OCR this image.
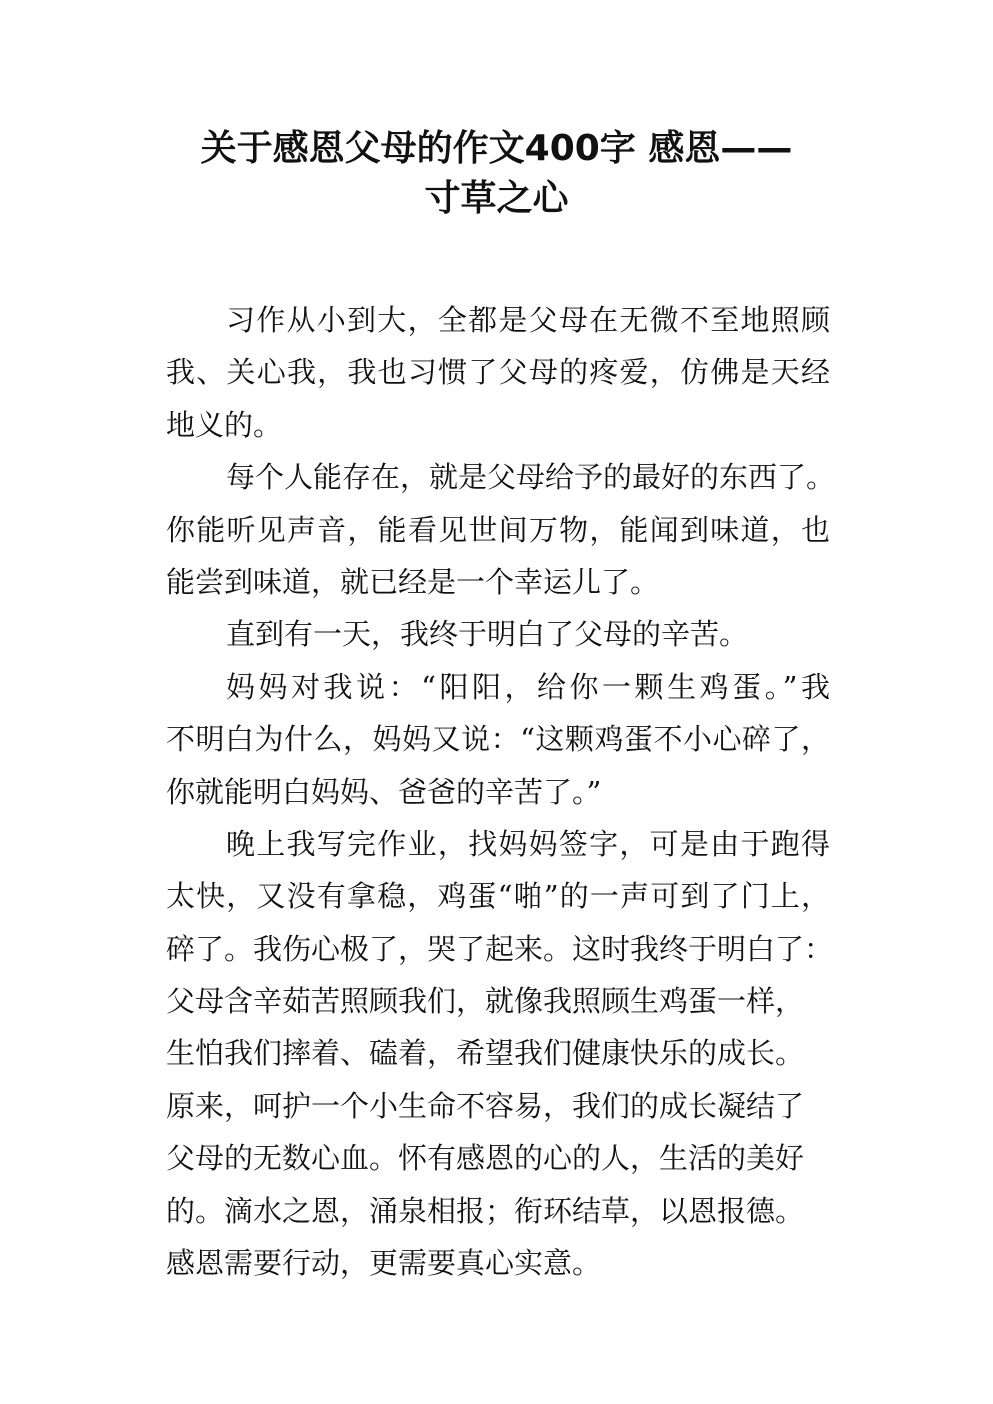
关于感恩父母的作文400字 感恩——
寸草之心
习作从小到大，全都是父母在无微不至地照顾
我、关心我，我也习惯了父母的疼爱，仿佛是天经
地义的。
每个人能存在，就是父母给予的最好的东西了。
你能听见声音，能看见世间万物，能闻到味道，也
能尝到味道，就已经是一个幸运儿了。
直到有一天，我终于明白了父母的辛苦。
妈妈对我说：“阳阳，给你一颗生鸡蛋。”我
不明白为什么，妈妈又说：“这颗鸡蛋不小心碎了，
你就能明白妈妈、爸爸的辛苦了。”
晚上我写完作业，找妈妈签字，可是由于跑得
太快，又没有拿稳，鸡蛋“啪”的一声可到了门上，
碎了。我伤心极了，哭了起来。这时我终于明白了：
父母含辛茹苦照顾我们，就像我照顾生鸡蛋一样，
生怕我们摔着、磕着，希望我们健康快乐的成长。
原来，呵护一个小生命不容易，我们的成长凝结了
父母的无数心血。怀有感恩的心的人，生活的美好
的。滴水之恩，涌泉相报；衔环结草，以恩报德。
感恩需要行动，更需要真心实意。
